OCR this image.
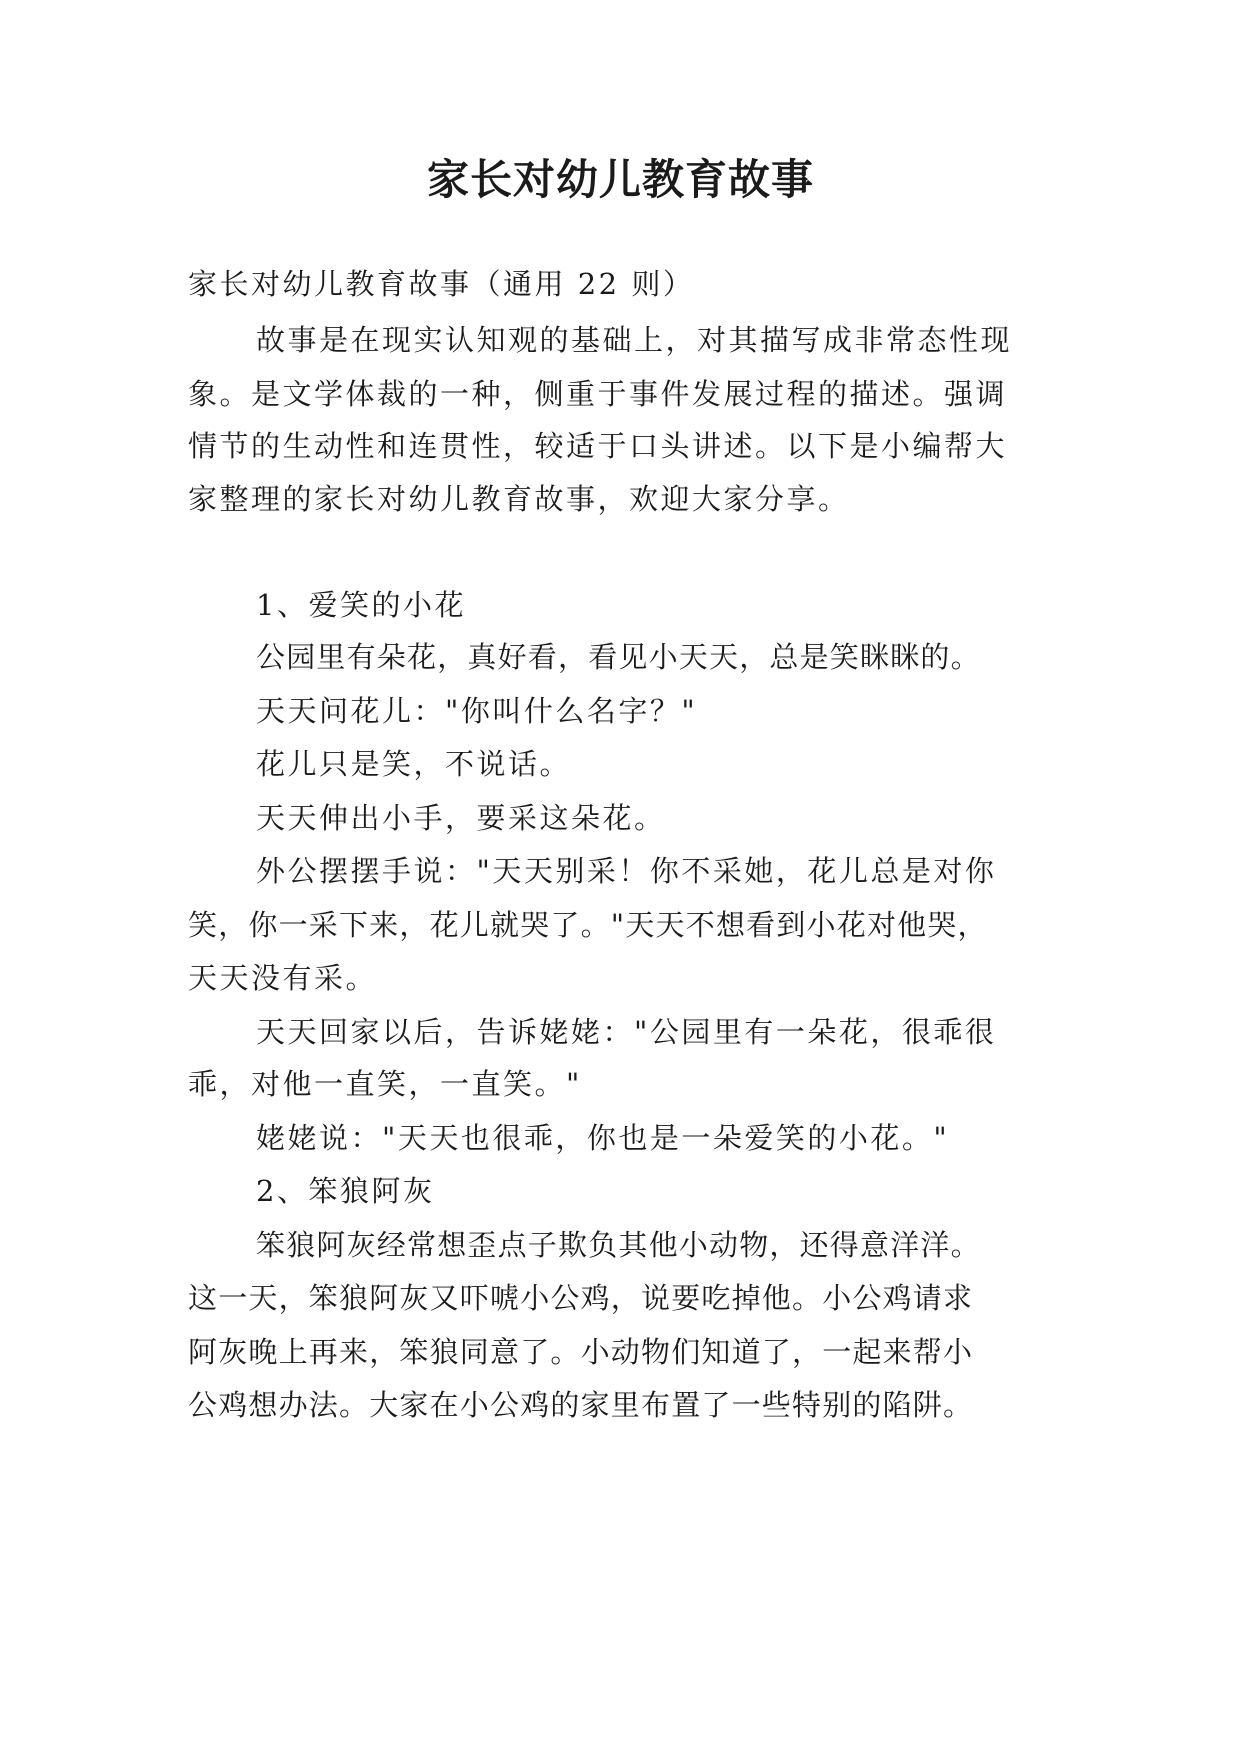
家长对幼儿教育故事
家长对幼儿教育故事（通用 22 则）
故事是在现实认知观的基础上，对其描写成非常态性现
象。是文学体裁的一种，侧重于事件发展过程的描述。强调
情节的生动性和连贯性，较适于口头讲述。以下是小编帮大
家整理的家长对幼儿教育故事，欢迎大家分享。
1、爱笑的小花
公园里有朵花，真好看，看见小天天，总是笑眯眯的。
天天问花儿："你叫什么名字？"
花儿只是笑，不说话。
天天伸出小手，要采这朵花。
外公摆摆手说："天天别采！你不采她，花儿总是对你
笑，你一采下来，花儿就哭了。"天天不想看到小花对他哭，
天天没有采。
天天回家以后，告诉姥姥："公园里有一朵花，很乖很
乖，对他一直笑，一直笑。"
姥姥说："天天也很乖，你也是一朵爱笑的小花。"
2、笨狼阿灰
笨狼阿灰经常想歪点子欺负其他小动物，还得意洋洋。
这一天，笨狼阿灰又吓唬小公鸡，说要吃掉他。小公鸡请求
阿灰晚上再来，笨狼同意了。小动物们知道了，一起来帮小
公鸡想办法。大家在小公鸡的家里布置了一些特别的陷阱。
